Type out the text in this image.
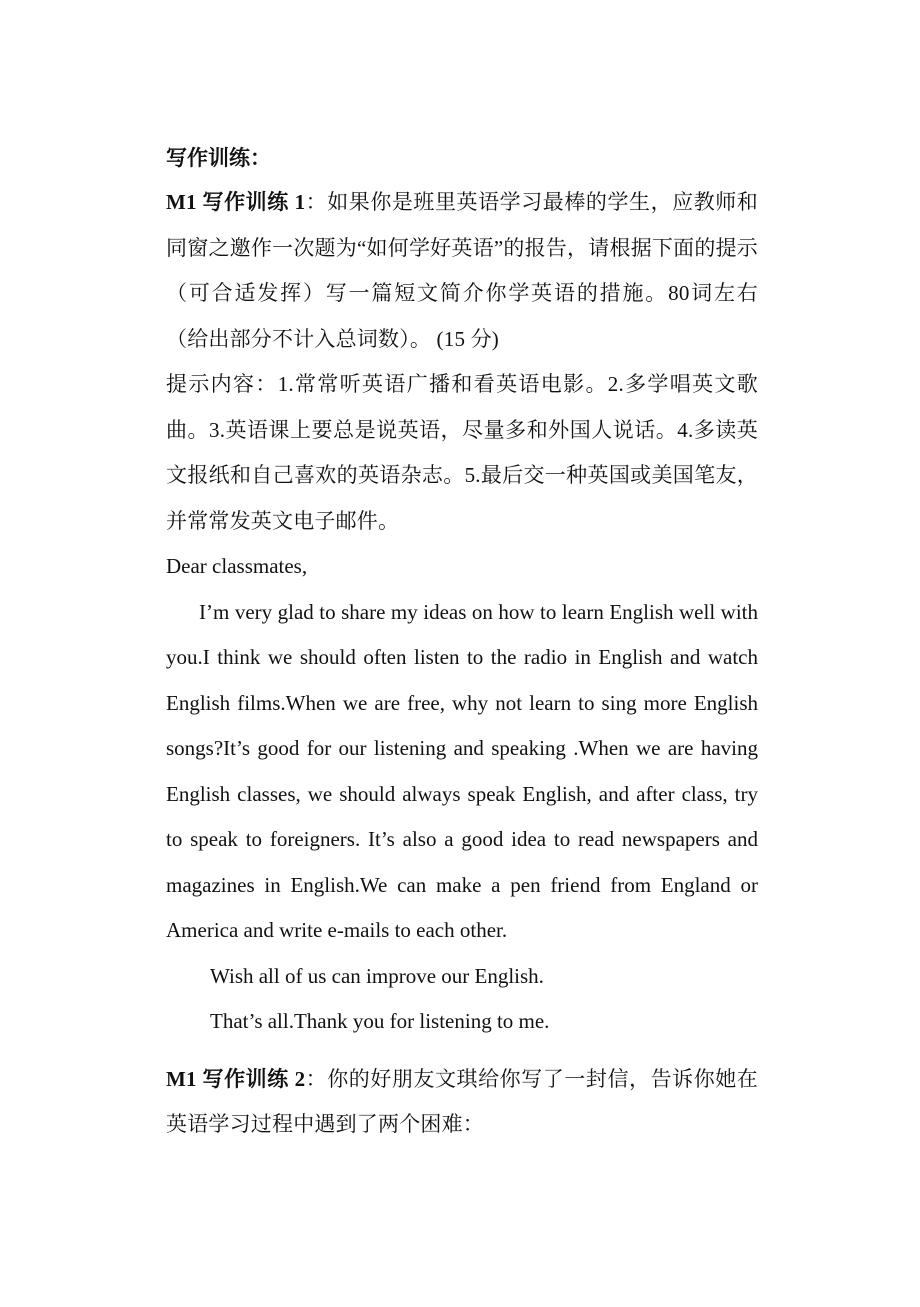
写作训练：

M1 写作训练 1：如果你是班里英语学习最棒的学生，应教师和同窗之邀作一次题为“如何学好英语”的报告，请根据下面的提示（可合适发挥）写一篇短文简介你学英语的措施。80词左右（给出部分不计入总词数）。 (15 分)

提示内容：1.常常听英语广播和看英语电影。2.多学唱英文歌曲。3.英语课上要总是说英语，尽量多和外国人说话。4.多读英文报纸和自己喜欢的英语杂志。5.最后交一种英国或美国笔友，并常常发英文电子邮件。

Dear classmates,

I’m very glad to share my ideas on how to learn English well with you.I think we should often listen to the radio in English and watch English films.When we are free, why not learn to sing more English songs?It’s good for our listening and speaking .When we are having English classes, we should always speak English, and after class, try to speak to foreigners. It’s also a good idea to read newspapers and magazines in English.We can make a pen friend from England or America and write e-mails to each other.

Wish all of us can improve our English.

That’s all.Thank you for listening to me.

M1 写作训练 2：你的好朋友文琪给你写了一封信，告诉你她在英语学习过程中遇到了两个困难：
